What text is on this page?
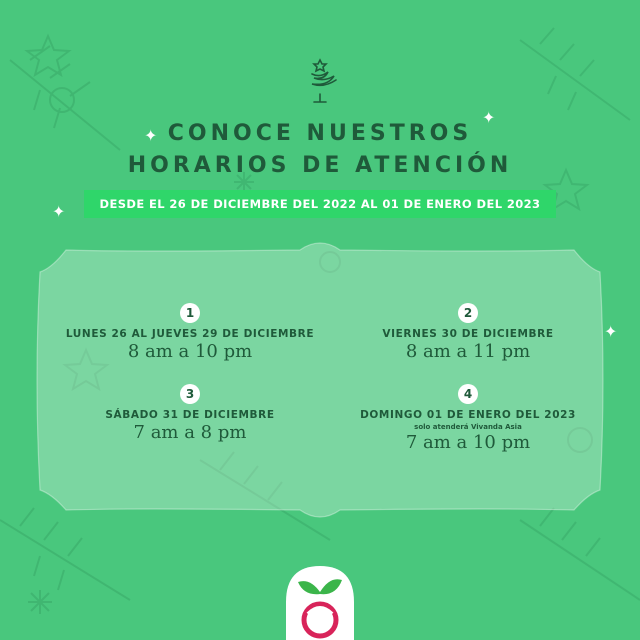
✦
✦
✦
✦
CONOCE NUESTROS
HORARIOS DE ATENCIÓN
DESDE EL 26 DE DICIEMBRE DEL 2022 AL 01 DE ENERO DEL 2023
1
LUNES 26 AL JUEVES 29 DE DICIEMBRE
8 am a 10 pm
2
VIERNES 30 DE DICIEMBRE
8 am a 11 pm
3
SÁBADO 31 DE DICIEMBRE
7 am a 8 pm
4
DOMINGO 01 DE ENERO DEL 2023
solo atenderá Vivanda Asia
7 am a 10 pm
